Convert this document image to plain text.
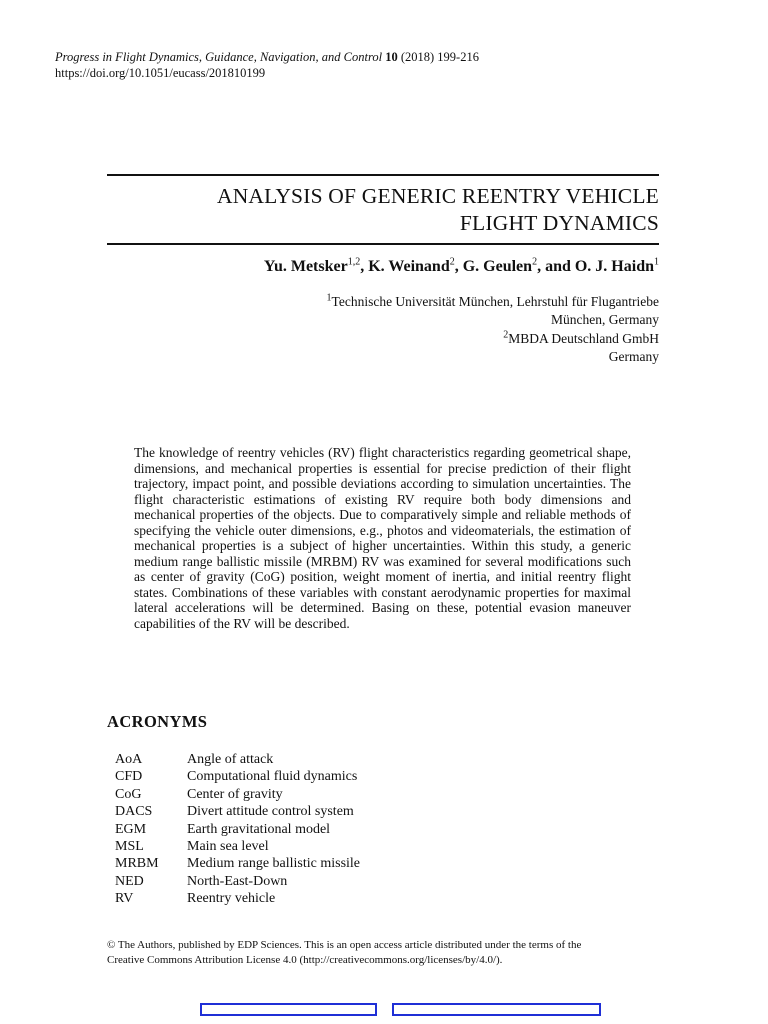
Progress in Flight Dynamics, Guidance, Navigation, and Control 10 (2018) 199-216
https://doi.org/10.1051/eucass/201810199
ANALYSIS OF GENERIC REENTRY VEHICLE
FLIGHT DYNAMICS
Yu. Metsker$^{1,2}$, K. Weinand$^2$, G. Geulen$^2$, and O. J. Haidn$^1$
$^1$Technische Universität München, Lehrstuhl für Flugantriebe
München, Germany
$^2$MBDA Deutschland GmbH
Germany

The knowledge of reentry vehicles (RV) flight characteristics regarding geometrical shape, dimensions, and mechanical properties is essential for precise prediction of their flight trajectory, impact point, and possible deviations according to simulation uncertainties. The flight characteristic estimations of existing RV require both body dimensions and mechanical properties of the objects. Due to comparatively simple and reliable methods of specifying the vehicle outer dimensions, e.g., photos and videomaterials, the estimation of mechanical properties is a subject of higher uncertainties. Within this study, a generic medium range ballistic missile (MRBM) RV was examined for several modifications such as center of gravity (CoG) position, weight moment of inertia, and initial reentry flight states. Combinations of these variables with constant aerodynamic properties for maximal lateral accelerations will be determined. Basing on these, potential evasion maneuver capabilities of the RV will be described.

ACRONYMS
AoA	Angle of attack
CFD	Computational fluid dynamics
CoG	Center of gravity
DACS	Divert attitude control system
EGM	Earth gravitational model
MSL	Main sea level
MRBM	Medium range ballistic missile
NED	North-East-Down
RV	Reentry vehicle
© The Authors, published by EDP Sciences. This is an open access article distributed under the terms of the
Creative Commons Attribution License 4.0 (http://creativecommons.org/licenses/by/4.0/).
